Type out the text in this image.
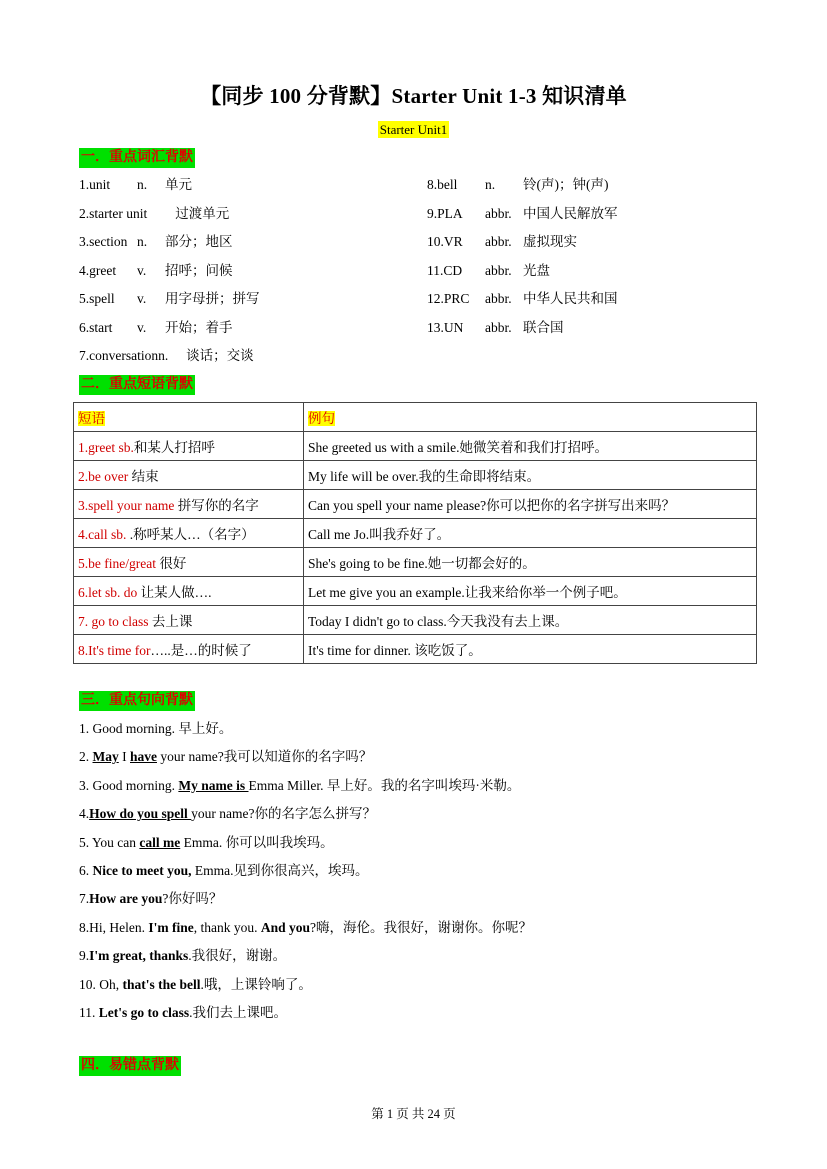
【同步 100 分背默】Starter Unit 1-3 知识清单
Starter Unit1
一．重点词汇背默
1.unit n. 单元
2.starter unit 过渡单元
3.section n. 部分；地区
4.greet v. 招呼；问候
5.spell v. 用字母拼；拼写
6.start v. 开始；着手
7.conversationn. 谈话；交谈
8.bell n. 铃(声)；钟(声)
9.PLA abbr. 中国人民解放军
10.VR abbr. 虚拟现实
11.CD abbr. 光盘
12.PRC abbr. 中华人民共和国
13.UN abbr. 联合国
二．重点短语背默
短语	例句
1.greet sb.和某人打招呼	She greeted us with a smile.她微笑着和我们打招呼。
2.be over 结束	My life will be over.我的生命即将结束。
3.spell your name 拼写你的名字	Can you spell your name please?你可以把你的名字拼写出来吗？
4.call sb. .称呼某人…（名字）	Call me Jo.叫我乔好了。
5.be fine/great 很好	She's going to be fine.她一切都会好的。
6.let sb. do 让某人做….	Let me give you an example.让我来给你举一个例子吧。
7. go to class 去上课	Today I didn't go to class.今天我没有去上课。
8.It's time for…..是…的时候了	It's time for dinner. 该吃饭了。
三．重点句向背默
1. Good morning. 早上好。
2. May I have your name?我可以知道你的名字吗？
3. Good morning. My name is Emma Miller. 早上好。我的名字叫埃玛·米勒。
4.How do you spell your name?你的名字怎么拼写？
5. You can call me Emma. 你可以叫我埃玛。
6. Nice to meet you, Emma.见到你很高兴，埃玛。
7.How are you?你好吗？
8.Hi, Helen. I'm fine, thank you. And you?嗨，海伦。我很好，谢谢你。你呢？
9.I'm great, thanks.我很好，谢谢。
10. Oh, that's the bell.哦，上课铃响了。
11. Let's go to class.我们去上课吧。
四．易错点背默
第 1 页 共 24 页
